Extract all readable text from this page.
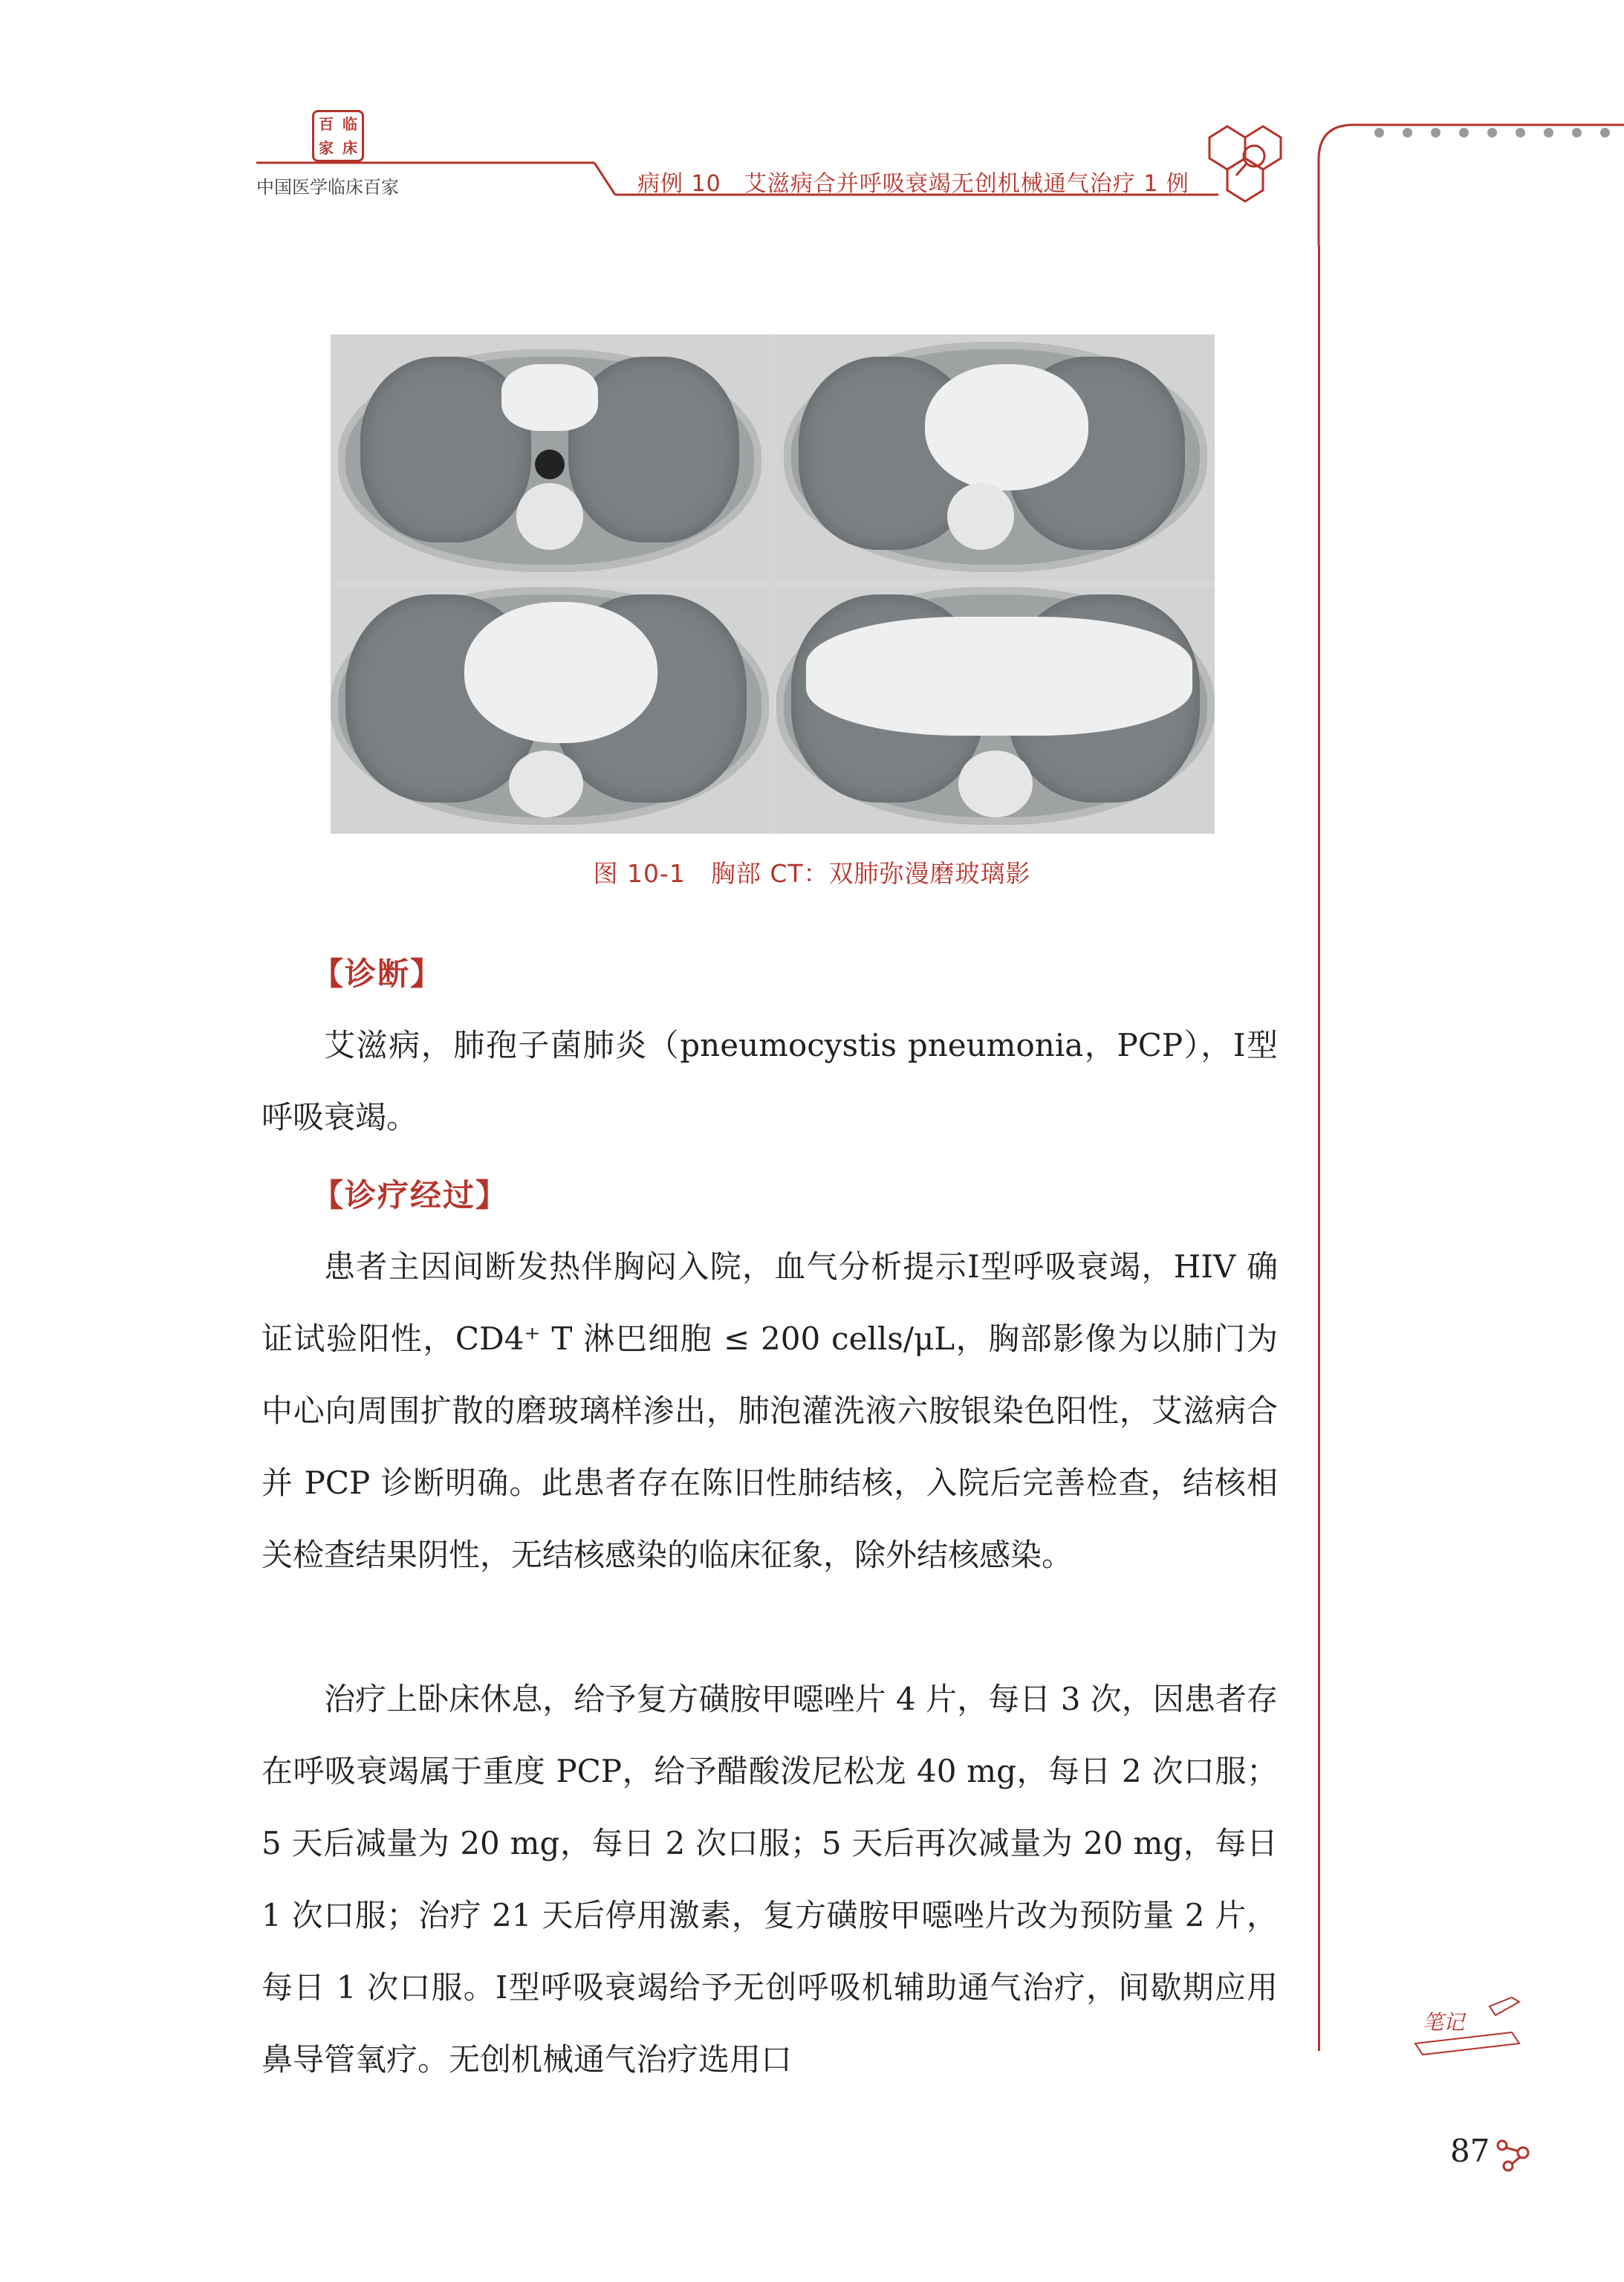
百 临
家 床
中国医学临床百家	病例 10　艾滋病合并呼吸衰竭无创机械通气治疗 1 例
图 10-1　胸部 CT：双肺弥漫磨玻璃影
【诊断】

艾滋病，肺孢子菌肺炎（pneumocystis pneumonia，PCP），Ⅰ型呼吸衰竭。

【诊疗经过】

患者主因间断发热伴胸闷入院，血气分析提示Ⅰ型呼吸衰竭，HIV 确证试验阳性，CD4⁺ T 淋巴细胞 ≤ 200 cells/μL，胸部影像为以肺门为中心向周围扩散的磨玻璃样渗出，肺泡灌洗液六胺银染色阳性，艾滋病合并 PCP 诊断明确。此患者存在陈旧性肺结核，入院后完善检查，结核相关检查结果阴性，无结核感染的临床征象，除外结核感染。

治疗上卧床休息，给予复方磺胺甲噁唑片 4 片，每日 3 次，因患者存在呼吸衰竭属于重度 PCP，给予醋酸泼尼松龙 40 mg，每日 2 次口服；5 天后减量为 20 mg，每日 2 次口服；5 天后再次减量为 20 mg，每日 1 次口服；治疗 21 天后停用激素，复方磺胺甲噁唑片改为预防量 2 片，每日 1 次口服。Ⅰ型呼吸衰竭给予无创呼吸机辅助通气治疗，间歇期应用鼻导管氧疗。无创机械通气治疗选用口

笔记
87
